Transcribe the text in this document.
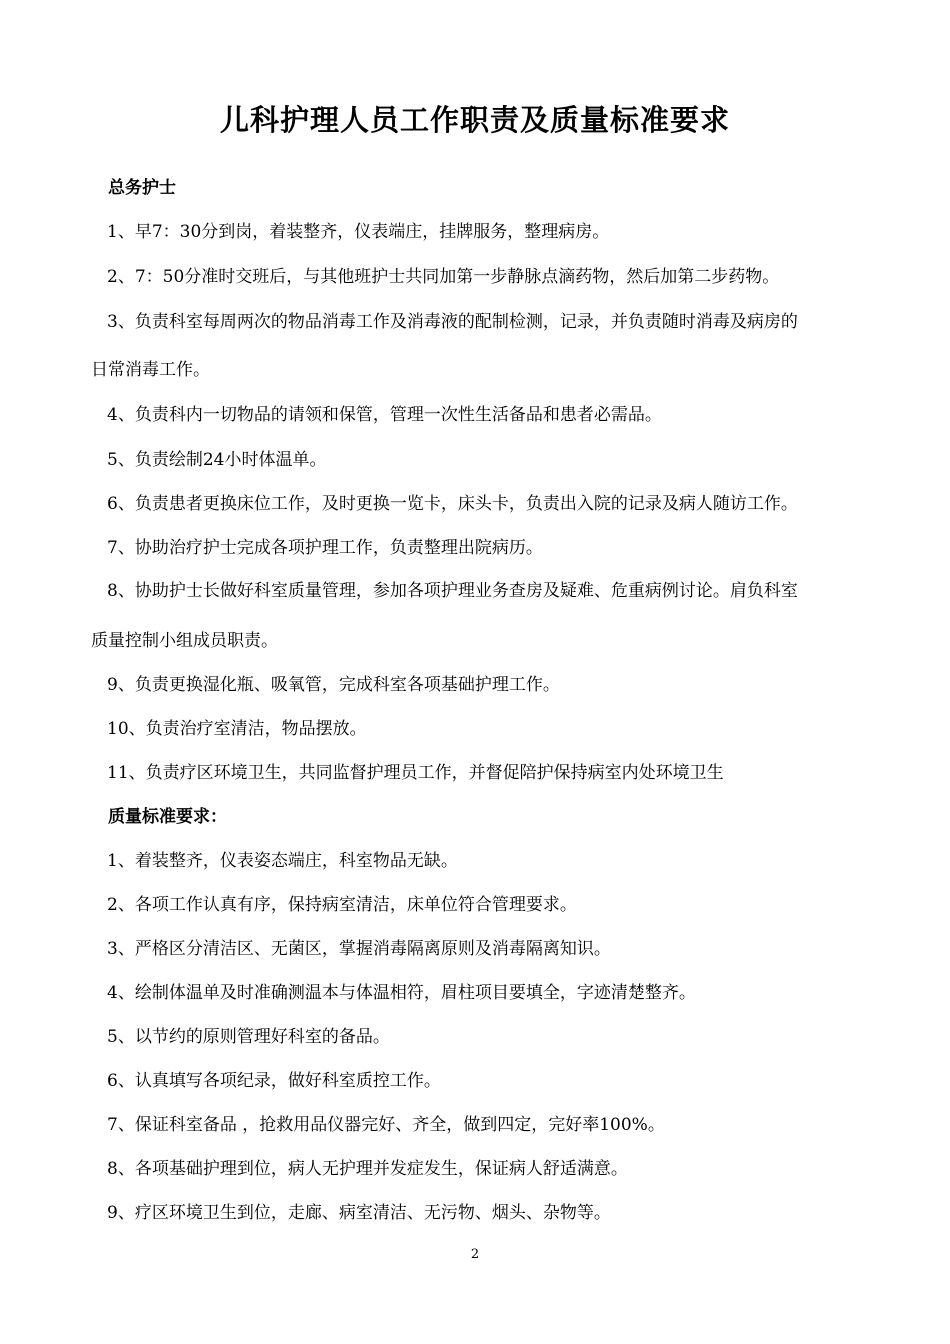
儿科护理人员工作职责及质量标准要求
总务护士
1、早7：30分到岗，着装整齐，仪表端庄，挂牌服务，整理病房。
2、7：50分准时交班后，与其他班护士共同加第一步静脉点滴药物，然后加第二步药物。
3、负责科室每周两次的物品消毒工作及消毒液的配制检测，记录，并负责随时消毒及病房的
日常消毒工作。
4、负责科内一切物品的请领和保管，管理一次性生活备品和患者必需品。
5、负责绘制24小时体温单。
6、负责患者更换床位工作，及时更换一览卡，床头卡，负责出入院的记录及病人随访工作。
7、协助治疗护士完成各项护理工作，负责整理出院病历。
8、协助护士长做好科室质量管理，参加各项护理业务查房及疑难、危重病例讨论。肩负科室
质量控制小组成员职责。
9、负责更换湿化瓶、吸氧管，完成科室各项基础护理工作。
10、负责治疗室清洁，物品摆放。
11、负责疗区环境卫生，共同监督护理员工作，并督促陪护保持病室内处环境卫生
质量标准要求：
1、着装整齐，仪表姿态端庄，科室物品无缺。
2、各项工作认真有序，保持病室清洁，床单位符合管理要求。
3、严格区分清洁区、无菌区，掌握消毒隔离原则及消毒隔离知识。
4、绘制体温单及时准确测温本与体温相符，眉柱项目要填全，字迹清楚整齐。
5、以节约的原则管理好科室的备品。
6、认真填写各项纪录，做好科室质控工作。
7、保证科室备品 ，抢救用品仪器完好、齐全，做到四定，完好率100%。
8、各项基础护理到位，病人无护理并发症发生，保证病人舒适满意。
9、疗区环境卫生到位，走廊、病室清洁、无污物、烟头、杂物等。
2
